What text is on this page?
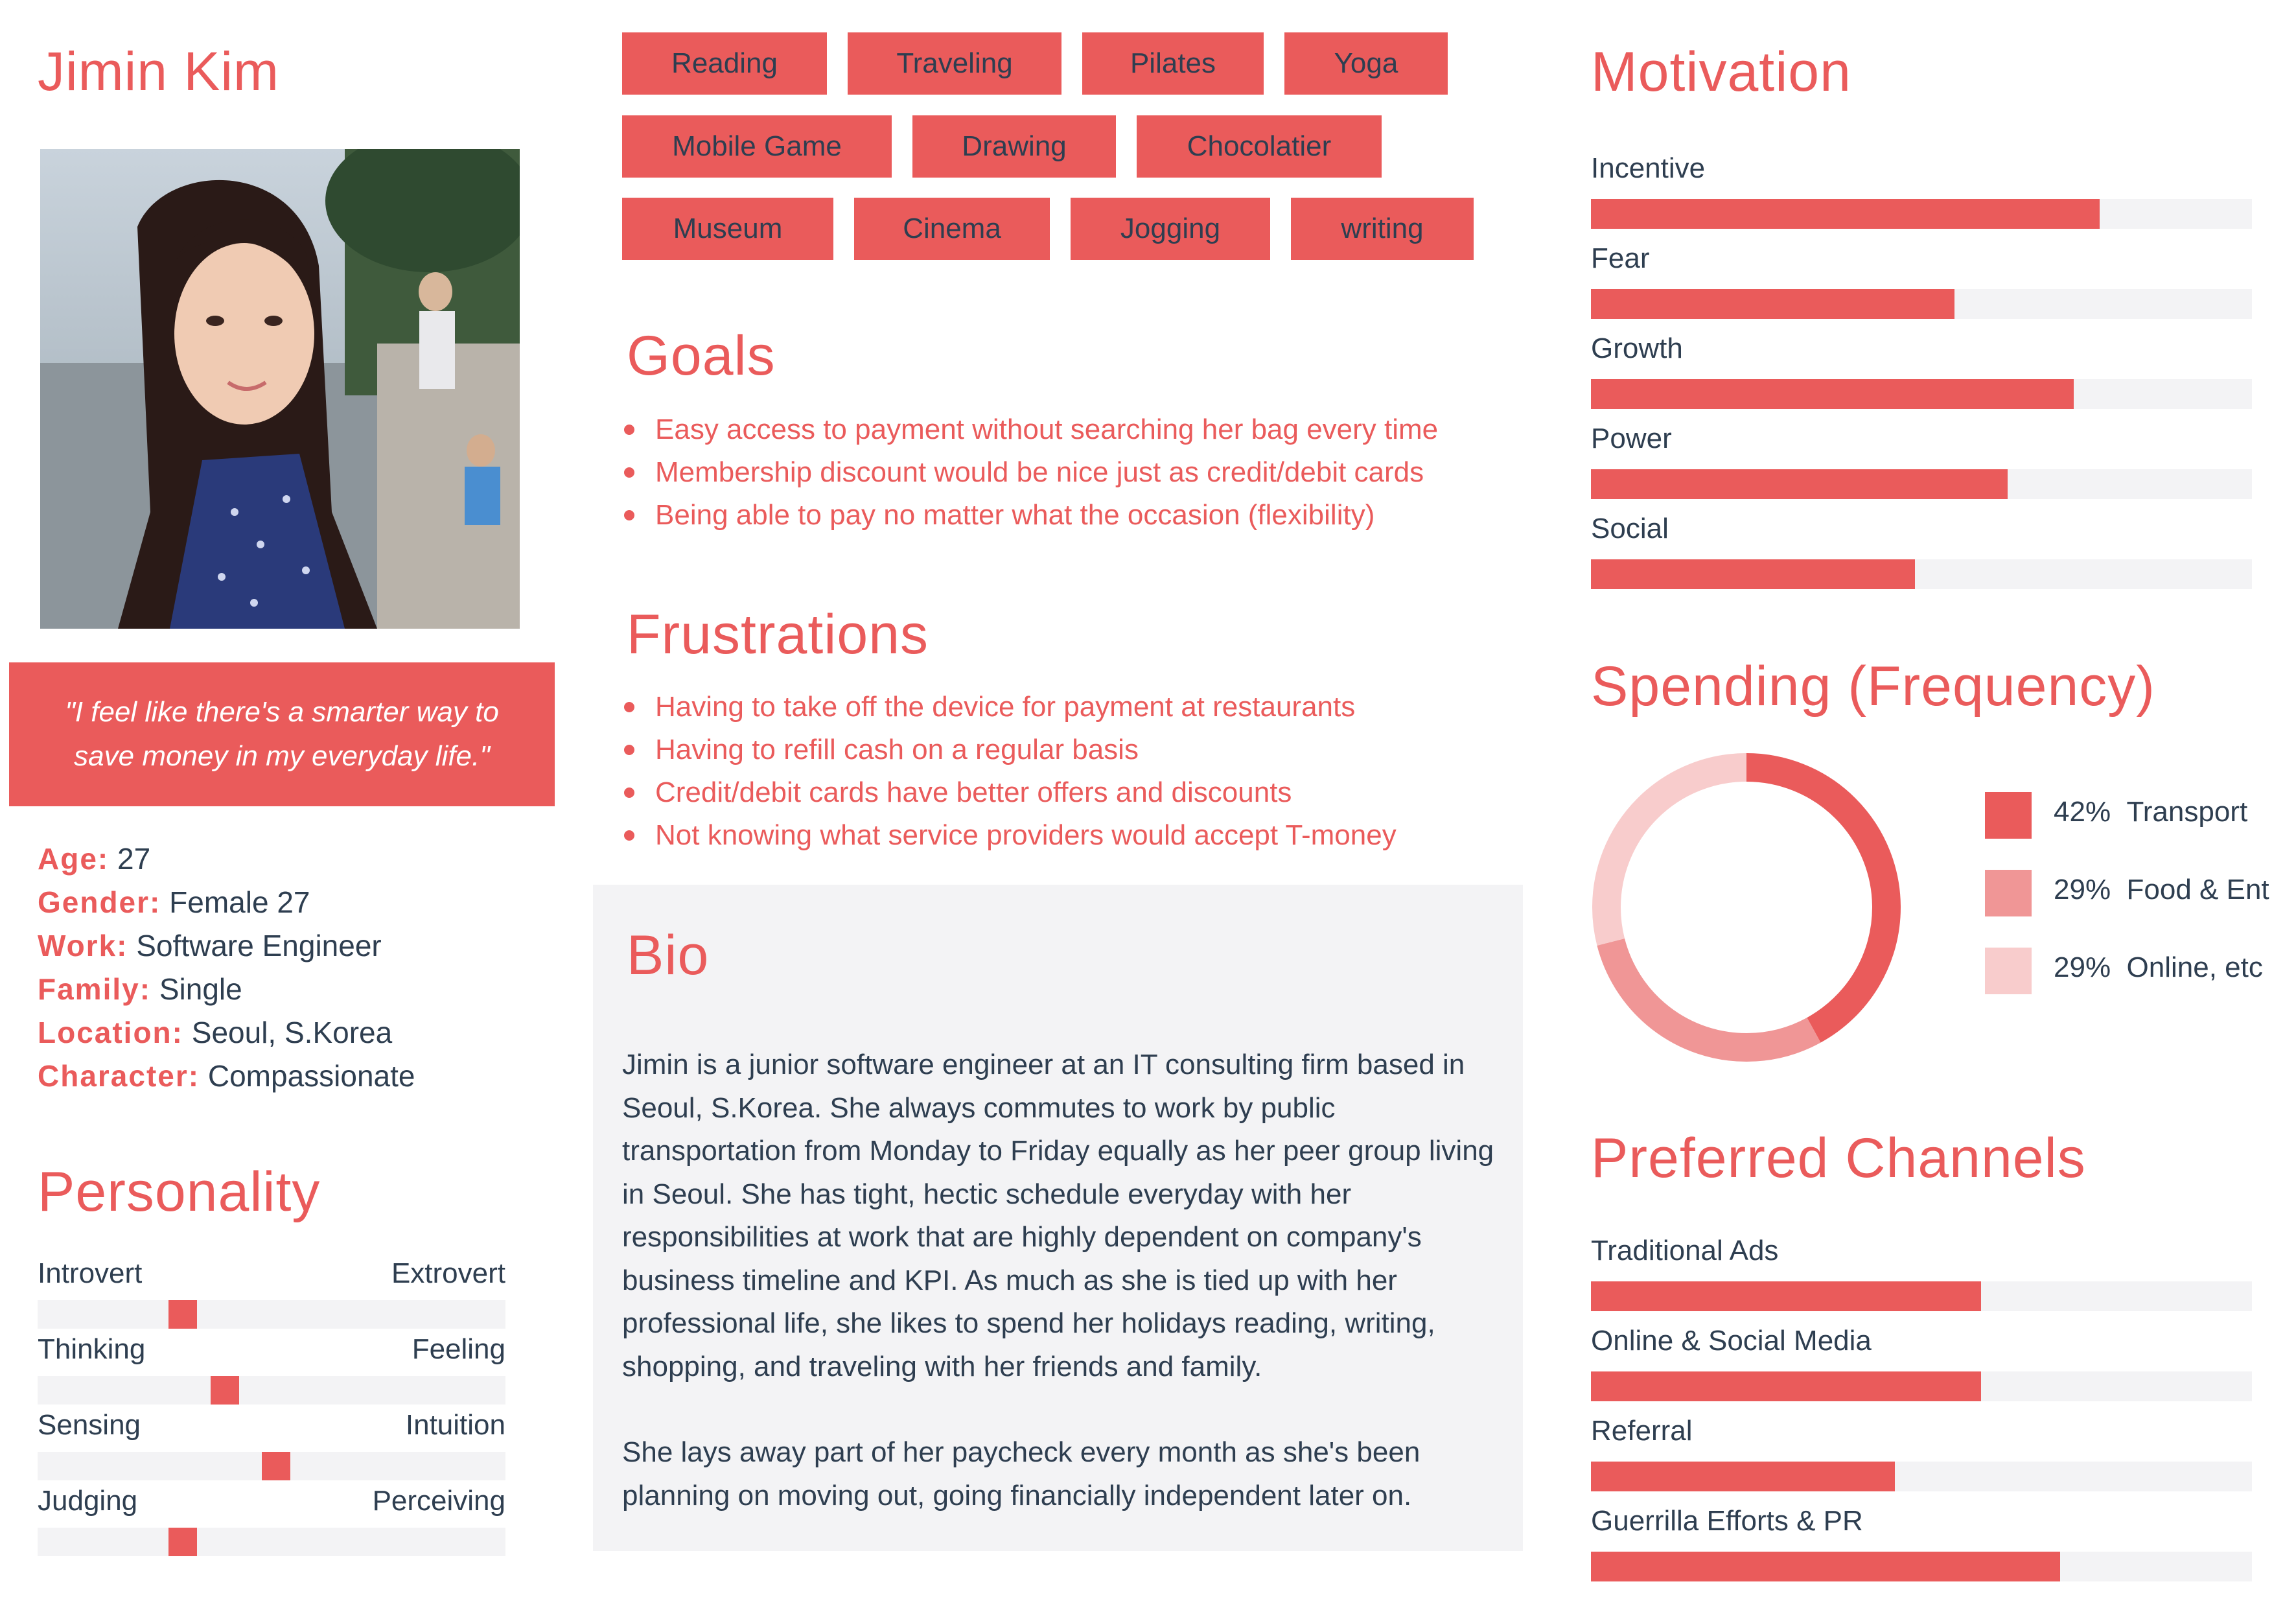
Jimin Kim
"I feel like there's a smarter way to save money in my everyday life."
Age: 27
Gender: Female 27
Work: Software Engineer
Family: Single
Location: Seoul, S.Korea
Character: Compassionate
Personality
Introvert	Extrovert
Thinking	Feeling
Sensing	Intuition
Judging	Perceiving
Reading	Traveling	Pilates	Yoga
Mobile Game	Drawing	Chocolatier
Museum	Cinema	Jogging	writing
Goals
Easy access to payment without searching her bag every time
Membership discount would be nice just as credit/debit cards
Being able to pay no matter what the occasion (flexibility)
Frustrations
Having to take off the device for payment at restaurants
Having to refill cash on a regular basis
Credit/debit cards have better offers and discounts
Not knowing what service providers would accept T-money
Bio

Jimin is a junior software engineer at an IT consulting firm based in Seoul, S.Korea. She always commutes to work by public transportation from Monday to Friday equally as her peer group living in Seoul. She has tight, hectic schedule everyday with her responsibilities at work that are highly dependent on company's business timeline and KPI. As much as she is tied up with her professional life, she likes to spend her holidays reading, writing, shopping, and traveling with her friends and family.

She lays away part of her paycheck every month as she's been planning on moving out, going financially independent later on.

Motivation
Incentive
Fear
Growth
Power
Social
Spending (Frequency)
42% Transport
29% Food & Ent
29% Online, etc
Preferred Channels
Traditional Ads
Online & Social Media
Referral
Guerrilla Efforts & PR
